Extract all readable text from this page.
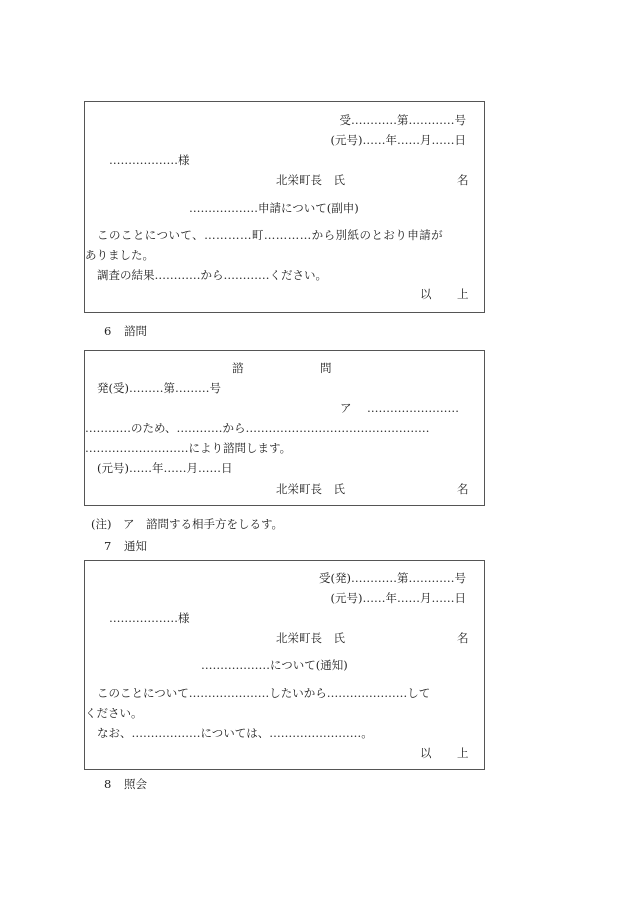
受…………第…………号
(元号)……年……月……日
………………様
北栄町長　氏	名
………………申請について(副申)
このことについて、…………町…………から別紙のとおり申請が
ありました。
調査の結果…………から…………ください。
以 上
6 諮問
諮	問
発(受)………第………号
ア ……………………
…………のため、…………から…………………………………………
………………………により諮問します。
(元号)……年……月……日
北栄町長　氏	名
(注)　ア　諮問する相手方をしるす。
7 通知
受(発)…………第…………号
(元号)……年……月……日
………………様
北栄町長　氏	名
………………について(通知)
このことについて…………………したいから…………………して
ください。
なお、………………については、……………………。
以 上
8 照会
